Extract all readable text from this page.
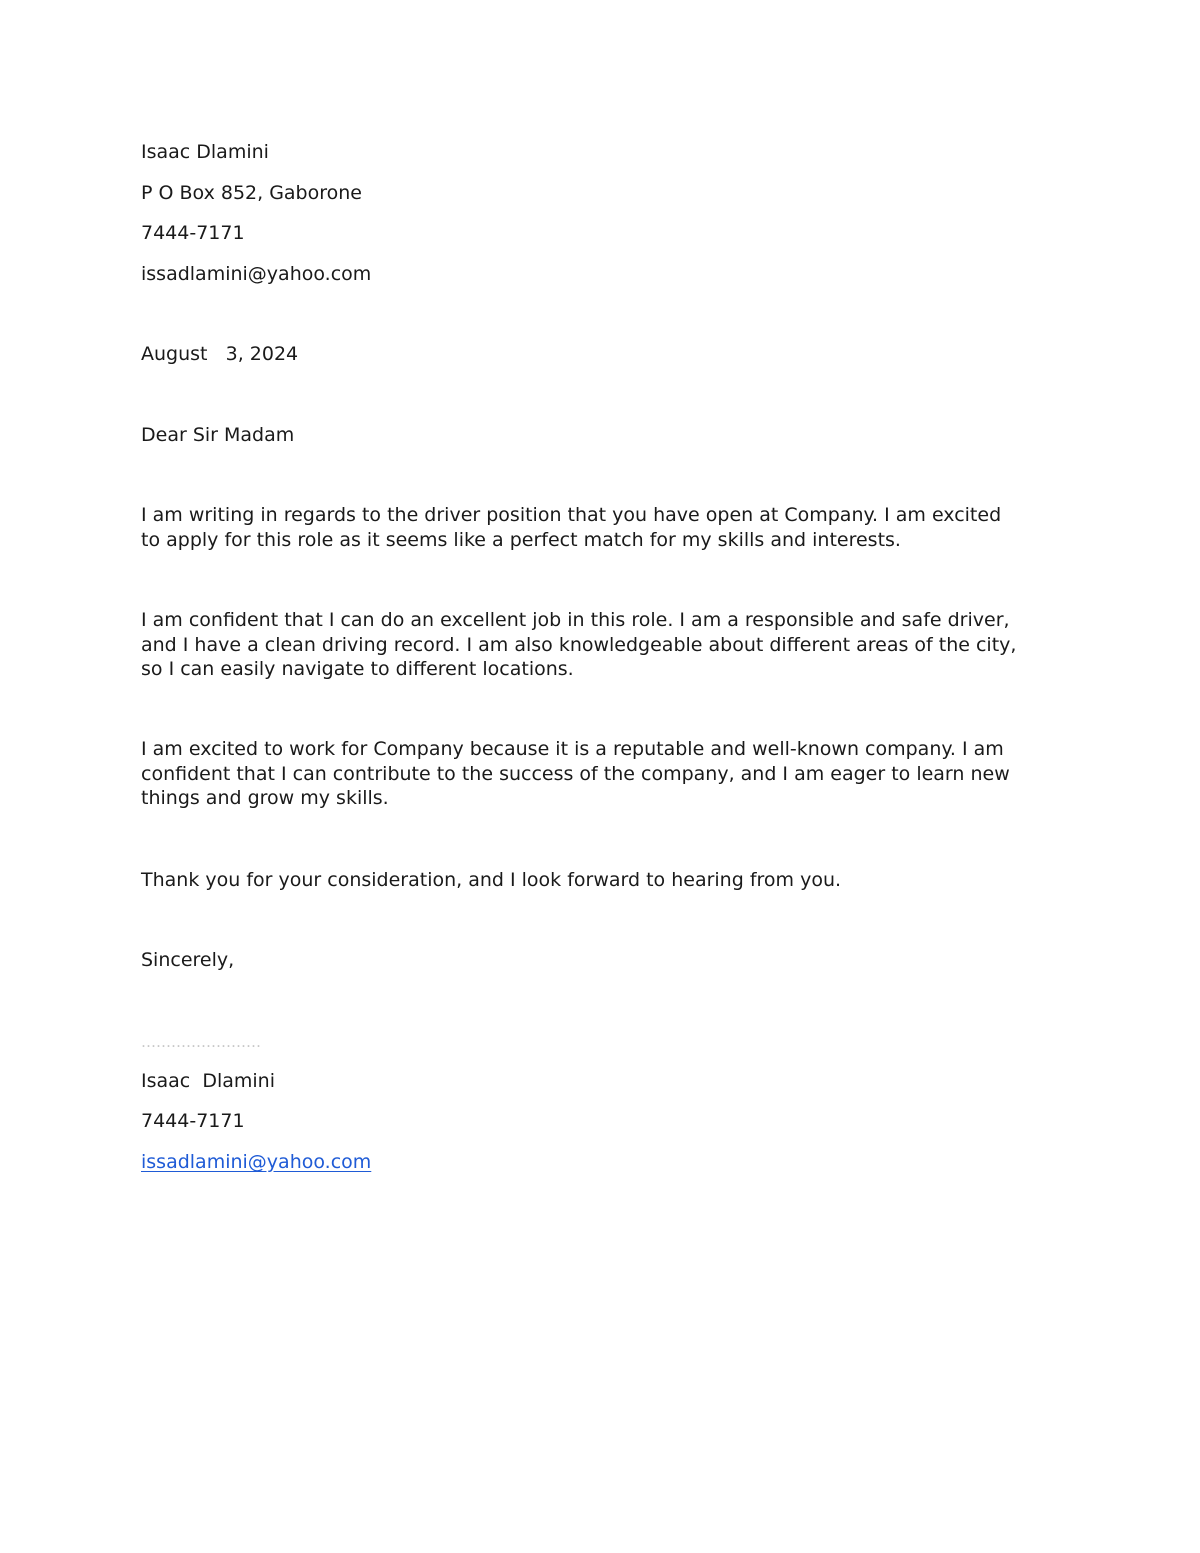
Isaac Dlamini

P O Box 852, Gaborone

7444-7171

issadlamini@yahoo.com

August   3, 2024

Dear Sir Madam

I am writing in regards to the driver position that you have open at Company. I am excited
to apply for this role as it seems like a perfect match for my skills and interests.
I am confident that I can do an excellent job in this role. I am a responsible and safe driver,
and I have a clean driving record. I am also knowledgeable about different areas of the city,
so I can easily navigate to different locations.
I am excited to work for Company because it is a reputable and well-known company. I am
confident that I can contribute to the success of the company, and I am eager to learn new
things and grow my skills.

Thank you for your consideration, and I look forward to hearing from you.

Sincerely,

……………………

Isaac  Dlamini

7444-7171

issadlamini@yahoo.com
